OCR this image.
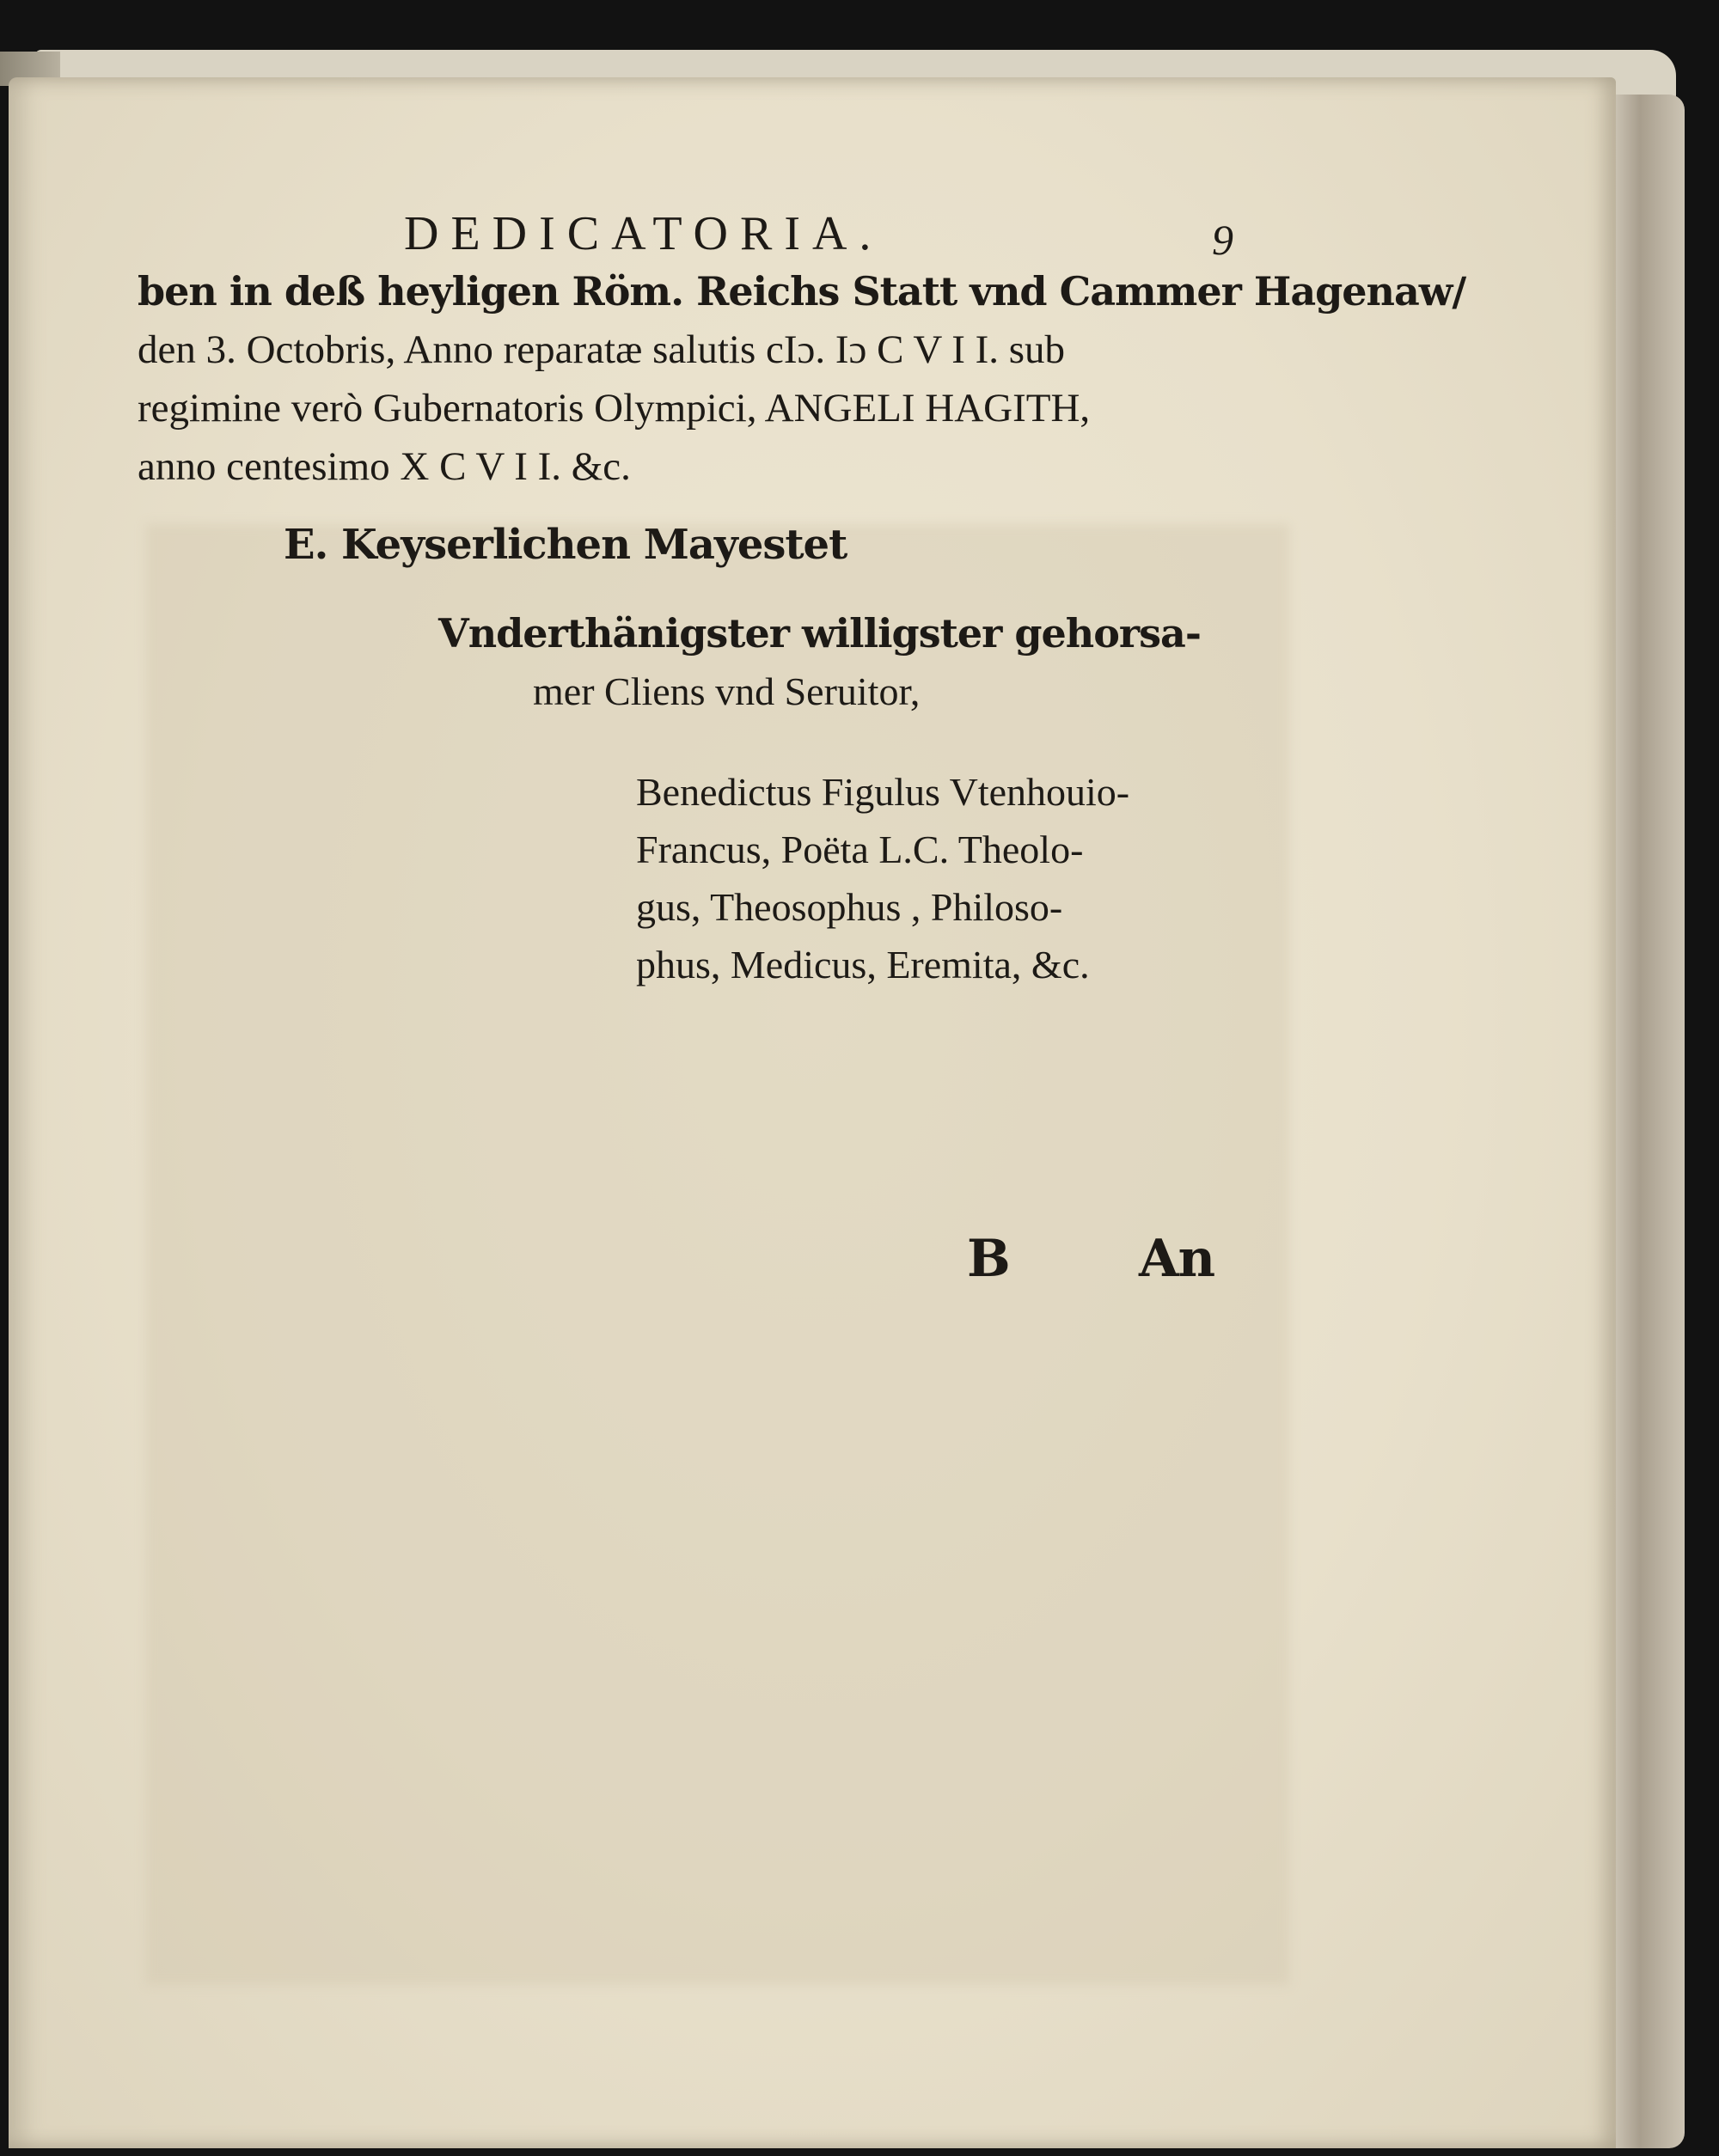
DEDICATORIA.	9
ben in deß heyligen Röm. Reichs Statt vnd Cammer Hagenaw/
den 3. Octobris, Anno reparatæ salutis cIɔ. Iɔ C V I I. sub
regimine verò Gubernatoris Olympici, ANGELI HAGITH,
anno centesimo X C V I I. &c.
E. Keyserlichen Mayestet
Vnderthänigster willigster gehorsa-
mer Cliens vnd Seruitor,
Benedictus Figulus Vtenhouio-
Francus, Poëta L.C. Theolo-
gus, Theosophus , Philoso-
phus, Medicus, Eremita, &c.
B	An
